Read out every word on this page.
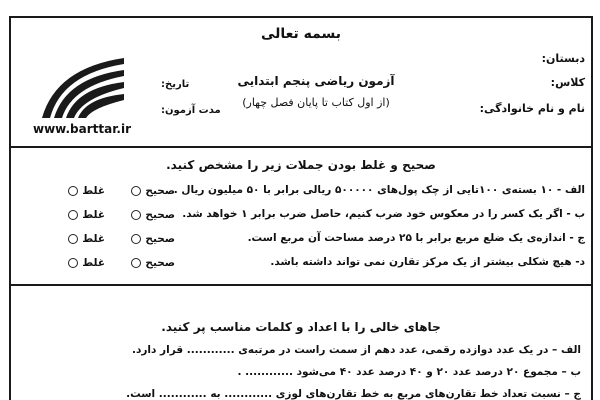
بسمه تعالی
دبستان:
کلاس:
نام و نام خانوادگی:
آزمون ریاضی پنجم ابتدایی
(از اول کتاب تا پایان فصل چهار)
تاریخ:
مدت آزمون:
www.barttar.ir
صحیح و غلط بودن جملات زیر را مشخص کنید.
الف - ۱۰ بسته‌ی ۱۰۰تایی از چک پول‌های ۵۰۰۰۰۰ ریالی برابر با ۵۰ میلیون ریال .
صحیح
غلط
ب - اگر یک کسر را در معکوس خود ضرب کنیم، حاصل ضرب برابر ۱ خواهد شد.
صحیح
غلط
ج - اندازه‌ی یک ضلع مربع برابر با ۲۵ درصد مساحت آن مربع است.
صحیح
غلط
د- هیچ شکلی بیشتر از یک مرکز تقارن نمی تواند داشته باشد.
صحیح
غلط
جاهای خالی را با اعداد و کلمات مناسب پر کنید.
الف – در یک عدد دوازده رقمی، عدد دهم از سمت راست در مرتبه‌ی ............ قرار دارد.
ب – مجموع ۲۰ درصد عدد ۲۰ و ۴۰ درصد عدد ۴۰ می‌شود ............ .
ج – نسبت تعداد خط تقارن‌های مربع به خط تقارن‌های لوزی ............ به ............ است.
